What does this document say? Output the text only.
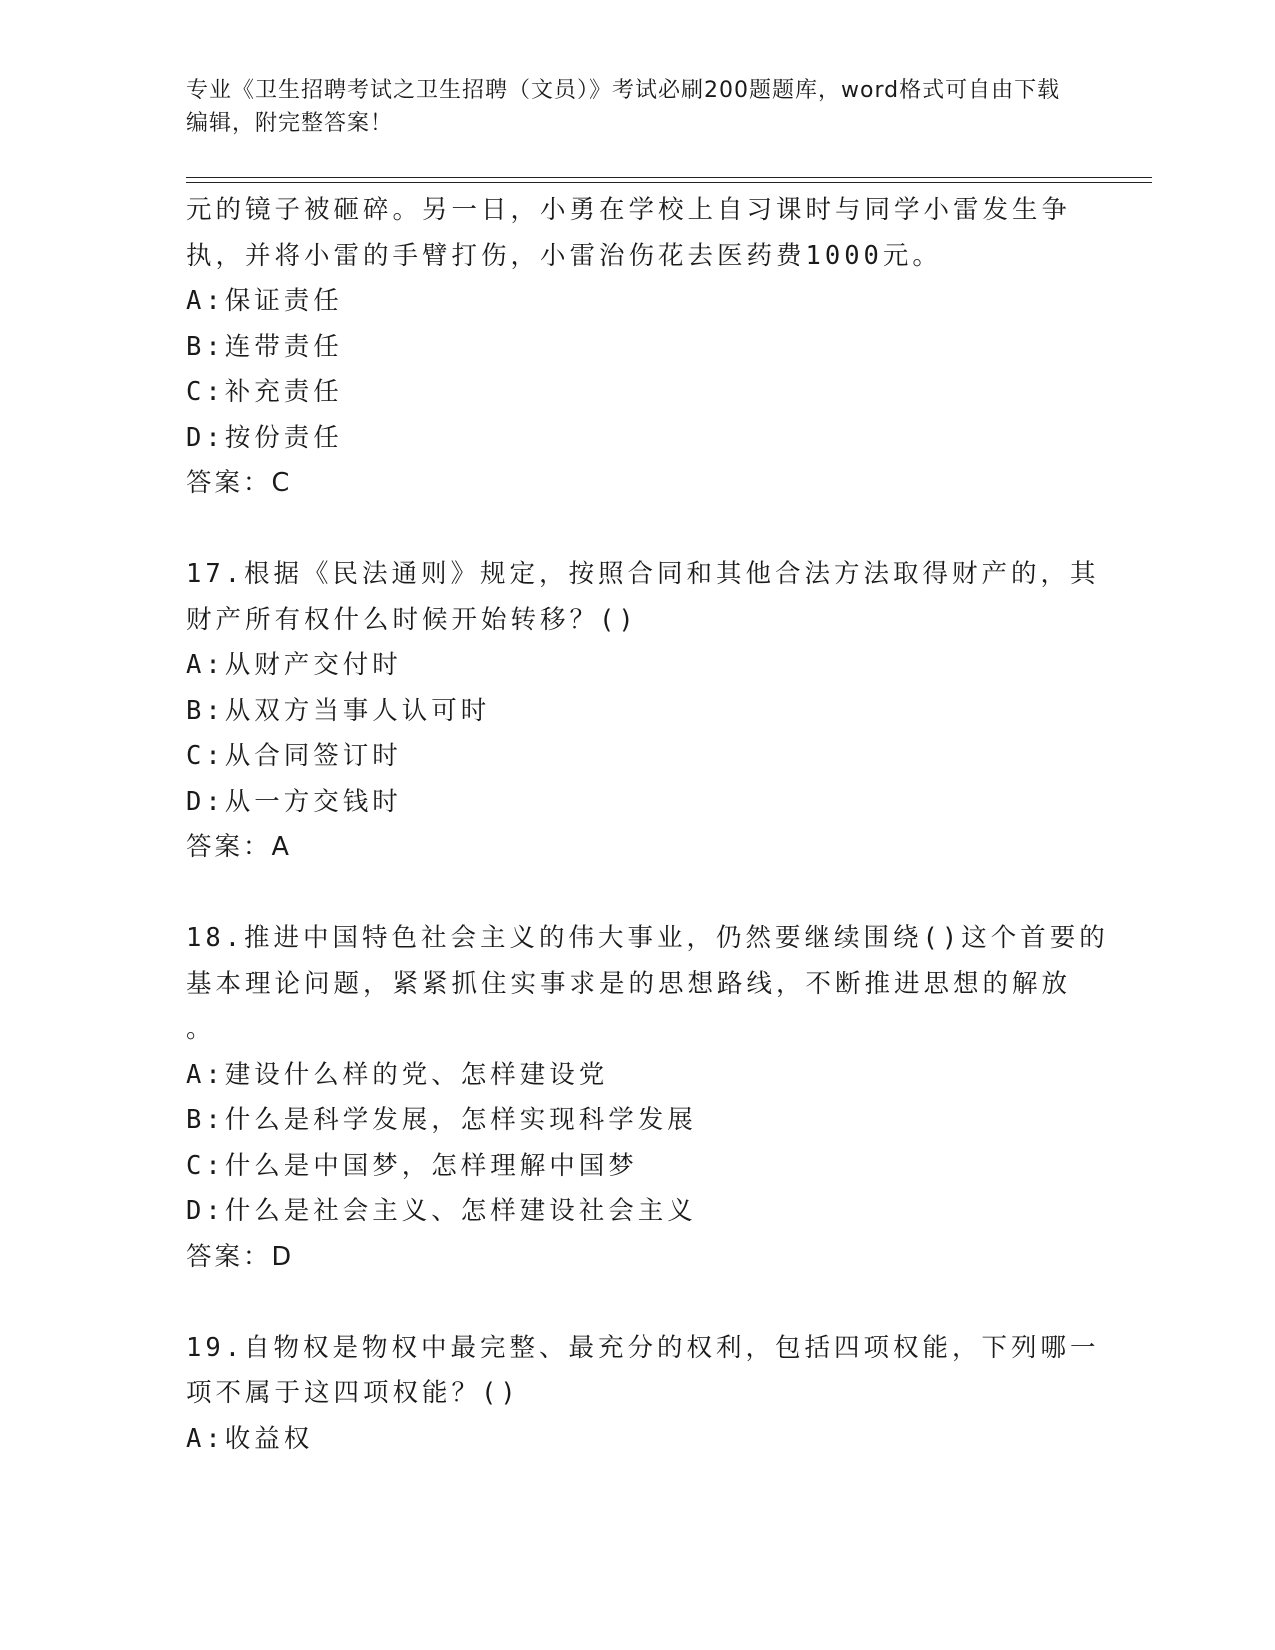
专业《卫生招聘考试之卫生招聘（文员）》考试必刷200题题库，word格式可自由下载编辑，附完整答案！
元的镜子被砸碎。另一日，小勇在学校上自习课时与同学小雷发生争
执，并将小雷的手臂打伤，小雷治伤花去医药费1000元。
A:保证责任
B:连带责任
C:补充责任
D:按份责任
答案：C
17.根据《民法通则》规定，按照合同和其他合法方法取得财产的，其
财产所有权什么时候开始转移？()
A:从财产交付时
B:从双方当事人认可时
C:从合同签订时
D:从一方交钱时
答案：A
18.推进中国特色社会主义的伟大事业，仍然要继续围绕()这个首要的
基本理论问题，紧紧抓住实事求是的思想路线，不断推进思想的解放
。
A:建设什么样的党、怎样建设党
B:什么是科学发展，怎样实现科学发展
C:什么是中国梦，怎样理解中国梦
D:什么是社会主义、怎样建设社会主义
答案：D
19.自物权是物权中最完整、最充分的权利，包括四项权能，下列哪一
项不属于这四项权能？()
A:收益权
